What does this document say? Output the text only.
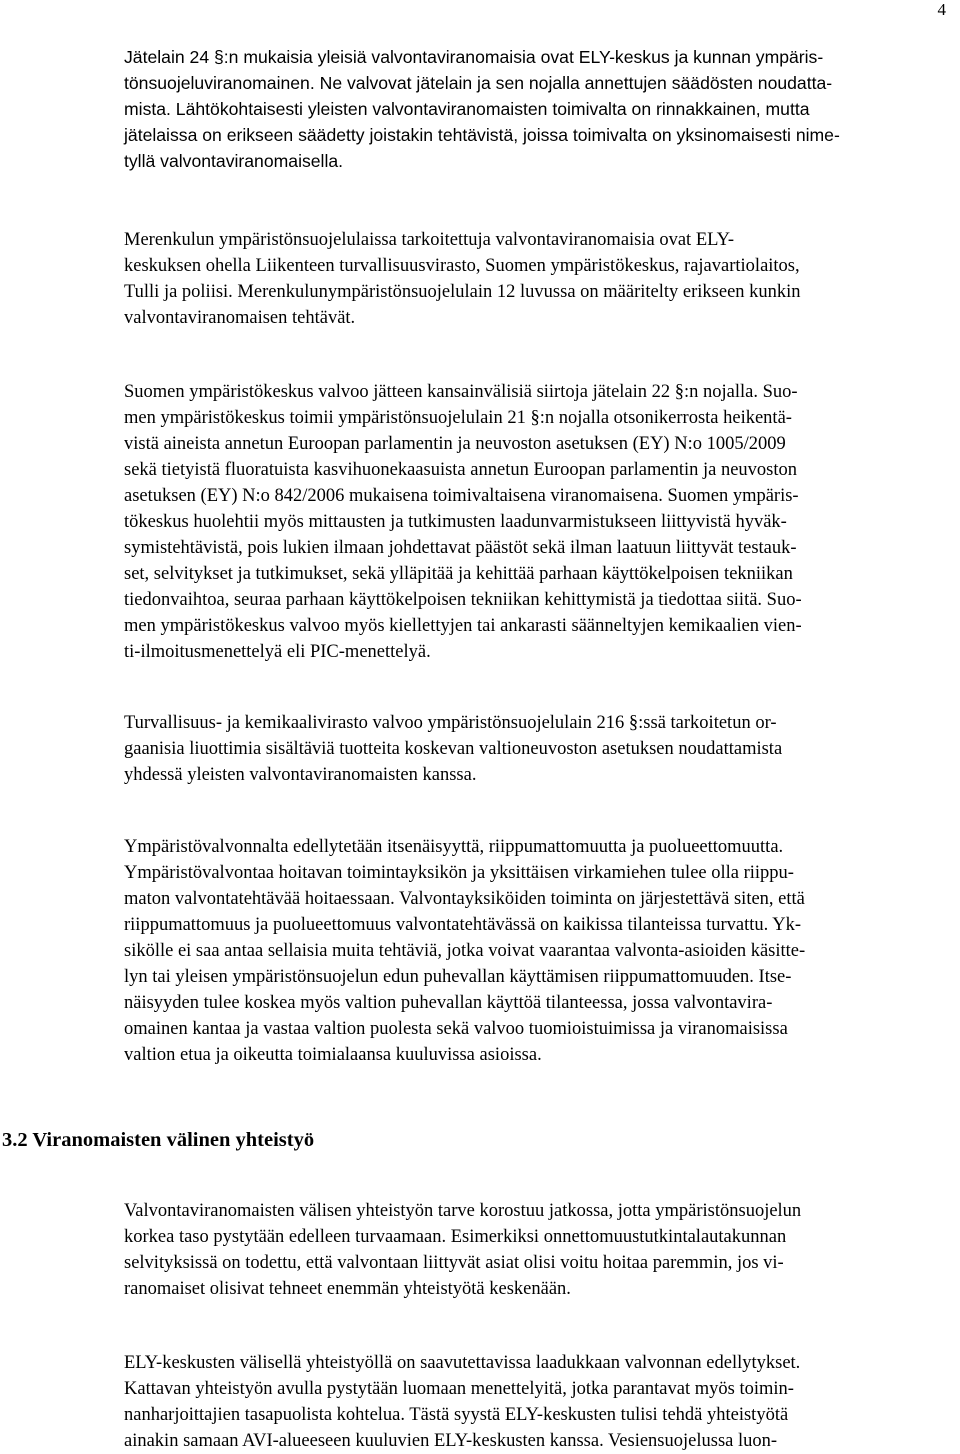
4
Jätelain 24 §:n mukaisia yleisiä valvontaviranomaisia ovat ELY-keskus ja kunnan ympäris-
tönsuojeluviranomainen. Ne valvovat jätelain ja sen nojalla annettujen säädösten noudatta-
mista. Lähtökohtaisesti yleisten valvontaviranomaisten toimivalta on rinnakkainen, mutta
jätelaissa on erikseen säädetty joistakin tehtävistä, joissa toimivalta on yksinomaisesti nime-
tyllä valvontaviranomaisella.
Merenkulun ympäristönsuojelulaissa tarkoitettuja valvontaviranomaisia ovat ELY-
keskuksen ohella Liikenteen turvallisuusvirasto, Suomen ympäristökeskus, rajavartiolaitos,
Tulli ja poliisi. Merenkulunympäristönsuojelulain 12 luvussa on määritelty erikseen kunkin
valvontaviranomaisen tehtävät.
Suomen ympäristökeskus valvoo jätteen kansainvälisiä siirtoja jätelain 22 §:n nojalla. Suo-
men ympäristökeskus toimii ympäristönsuojelulain 21 §:n nojalla otsonikerrosta heikentä-
vistä aineista annetun Euroopan parlamentin ja neuvoston asetuksen (EY) N:o 1005/2009
sekä tietyistä fluoratuista kasvihuonekaasuista annetun Euroopan parlamentin ja neuvoston
asetuksen (EY) N:o 842/2006 mukaisena toimivaltaisena viranomaisena. Suomen ympäris-
tökeskus huolehtii myös mittausten ja tutkimusten laadunvarmistukseen liittyvistä hyväk-
symistehtävistä, pois lukien ilmaan johdettavat päästöt sekä ilman laatuun liittyvät testauk-
set, selvitykset ja tutkimukset, sekä ylläpitää ja kehittää parhaan käyttökelpoisen tekniikan
tiedonvaihtoa, seuraa parhaan käyttökelpoisen tekniikan kehittymistä ja tiedottaa siitä. Suo-
men ympäristökeskus valvoo myös kiellettyjen tai ankarasti säänneltyjen kemikaalien vien-
ti-ilmoitusmenettelyä eli PIC-menettelyä.
Turvallisuus- ja kemikaalivirasto valvoo ympäristönsuojelulain 216 §:ssä tarkoitetun or-
gaanisia liuottimia sisältäviä tuotteita koskevan valtioneuvoston asetuksen noudattamista
yhdessä yleisten valvontaviranomaisten kanssa.
Ympäristövalvonnalta edellytetään itsenäisyyttä, riippumattomuutta ja puolueettomuutta.
Ympäristövalvontaa hoitavan toimintayksikön ja yksittäisen virkamiehen tulee olla riippu-
maton valvontatehtävää hoitaessaan. Valvontayksiköiden toiminta on järjestettävä siten, että
riippumattomuus ja puolueettomuus valvontatehtävässä on kaikissa tilanteissa turvattu. Yk-
sikölle ei saa antaa sellaisia muita tehtäviä, jotka voivat vaarantaa valvonta-asioiden käsitte-
lyn tai yleisen ympäristönsuojelun edun puhevallan käyttämisen riippumattomuuden. Itse-
näisyyden tulee koskea myös valtion puhevallan käyttöä tilanteessa, jossa valvontavira-
omainen kantaa ja vastaa valtion puolesta sekä valvoo tuomioistuimissa ja viranomaisissa
valtion etua ja oikeutta toimialaansa kuuluvissa asioissa.
3.2 Viranomaisten välinen yhteistyö
Valvontaviranomaisten välisen yhteistyön tarve korostuu jatkossa, jotta ympäristönsuojelun
korkea taso pystytään edelleen turvaamaan. Esimerkiksi onnettomuustutkintalautakunnan
selvityksissä on todettu, että valvontaan liittyvät asiat olisi voitu hoitaa paremmin, jos vi-
ranomaiset olisivat tehneet enemmän yhteistyötä keskenään.
ELY-keskusten välisellä yhteistyöllä on saavutettavissa laadukkaan valvonnan edellytykset.
Kattavan yhteistyön avulla pystytään luomaan menettelyitä, jotka parantavat myös toimin-
nanharjoittajien tasapuolista kohtelua. Tästä syystä ELY-keskusten tulisi tehdä yhteistyötä
ainakin samaan AVI-alueeseen kuuluvien ELY-keskusten kanssa. Vesiensuojelussa luon-
